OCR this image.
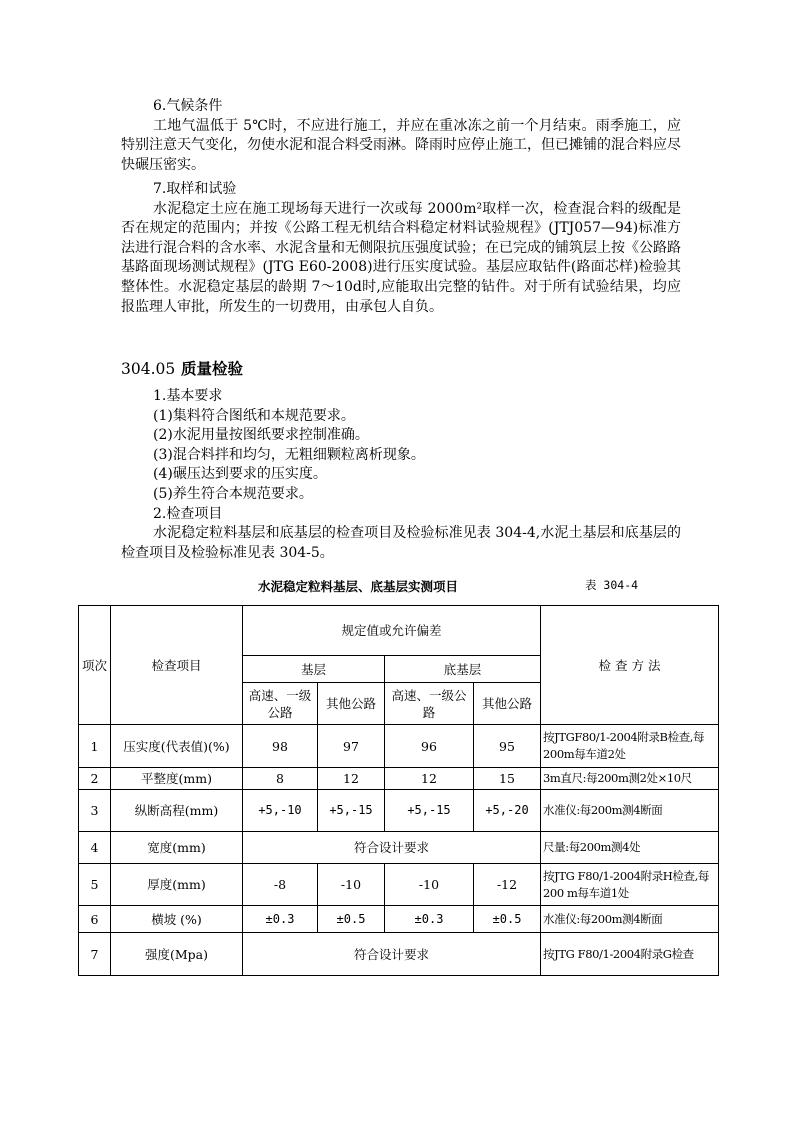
6.气候条件

工地气温低于 5℃时，不应进行施工，并应在重冰冻之前一个月结束。雨季施工，应特别注意天气变化，勿使水泥和混合料受雨淋。降雨时应停止施工，但已摊铺的混合料应尽快碾压密实。

7.取样和试验

水泥稳定土应在施工现场每天进行一次或每 2000m²取样一次，检查混合料的级配是否在规定的范围内；并按《公路工程无机结合料稳定材料试验规程》(JTJ057—94)标准方法进行混合料的含水率、水泥含量和无侧限抗压强度试验；在已完成的铺筑层上按《公路路基路面现场测试规程》(JTG E60-2008)进行压实度试验。基层应取钻件(路面芯样)检验其整体性。水泥稳定基层的龄期 7～10d时,应能取出完整的钻件。对于所有试验结果，均应报监理人审批，所发生的一切费用，由承包人自负。

304.05 质量检验

1.基本要求

(1)集料符合图纸和本规范要求。

(2)水泥用量按图纸要求控制准确。

(3)混合料拌和均匀，无粗细颗粒离析现象。

(4)碾压达到要求的压实度。

(5)养生符合本规范要求。

2.检查项目

水泥稳定粒料基层和底基层的检查项目及检验标准见表 304-4,水泥土基层和底基层的检查项目及检验标准见表 304-5。

水泥稳定粒料基层、底基层实测项目	表 304-4
项次	检查项目	规定值或允许偏差				检 查 方 法
		基层		底基层		
		高速、一级公路	其他公路	高速、一级公路	其他公路	
1	压实度(代表值)(%)	98	97	96	95	按JTGF80/1-2004附录B检查,每200m每车道2处
2	平整度(mm)	8	12	12	15	3m直尺:每200m测2处×10尺
3	纵断高程(mm)	+5,-10	+5,-15	+5,-15	+5,-20	水准仪:每200m测4断面
4	宽度(mm)	符合设计要求				尺量:每200m测4处
5	厚度(mm)	-8	-10	-10	-12	按JTG F80/1-2004附录H检查,每200 m每车道1处
6	横坡 (%)	±0.3	±0.5	±0.3	±0.5	水准仪:每200m测4断面
7	强度(Mpa)	符合设计要求				按JTG F80/1-2004附录G检查
